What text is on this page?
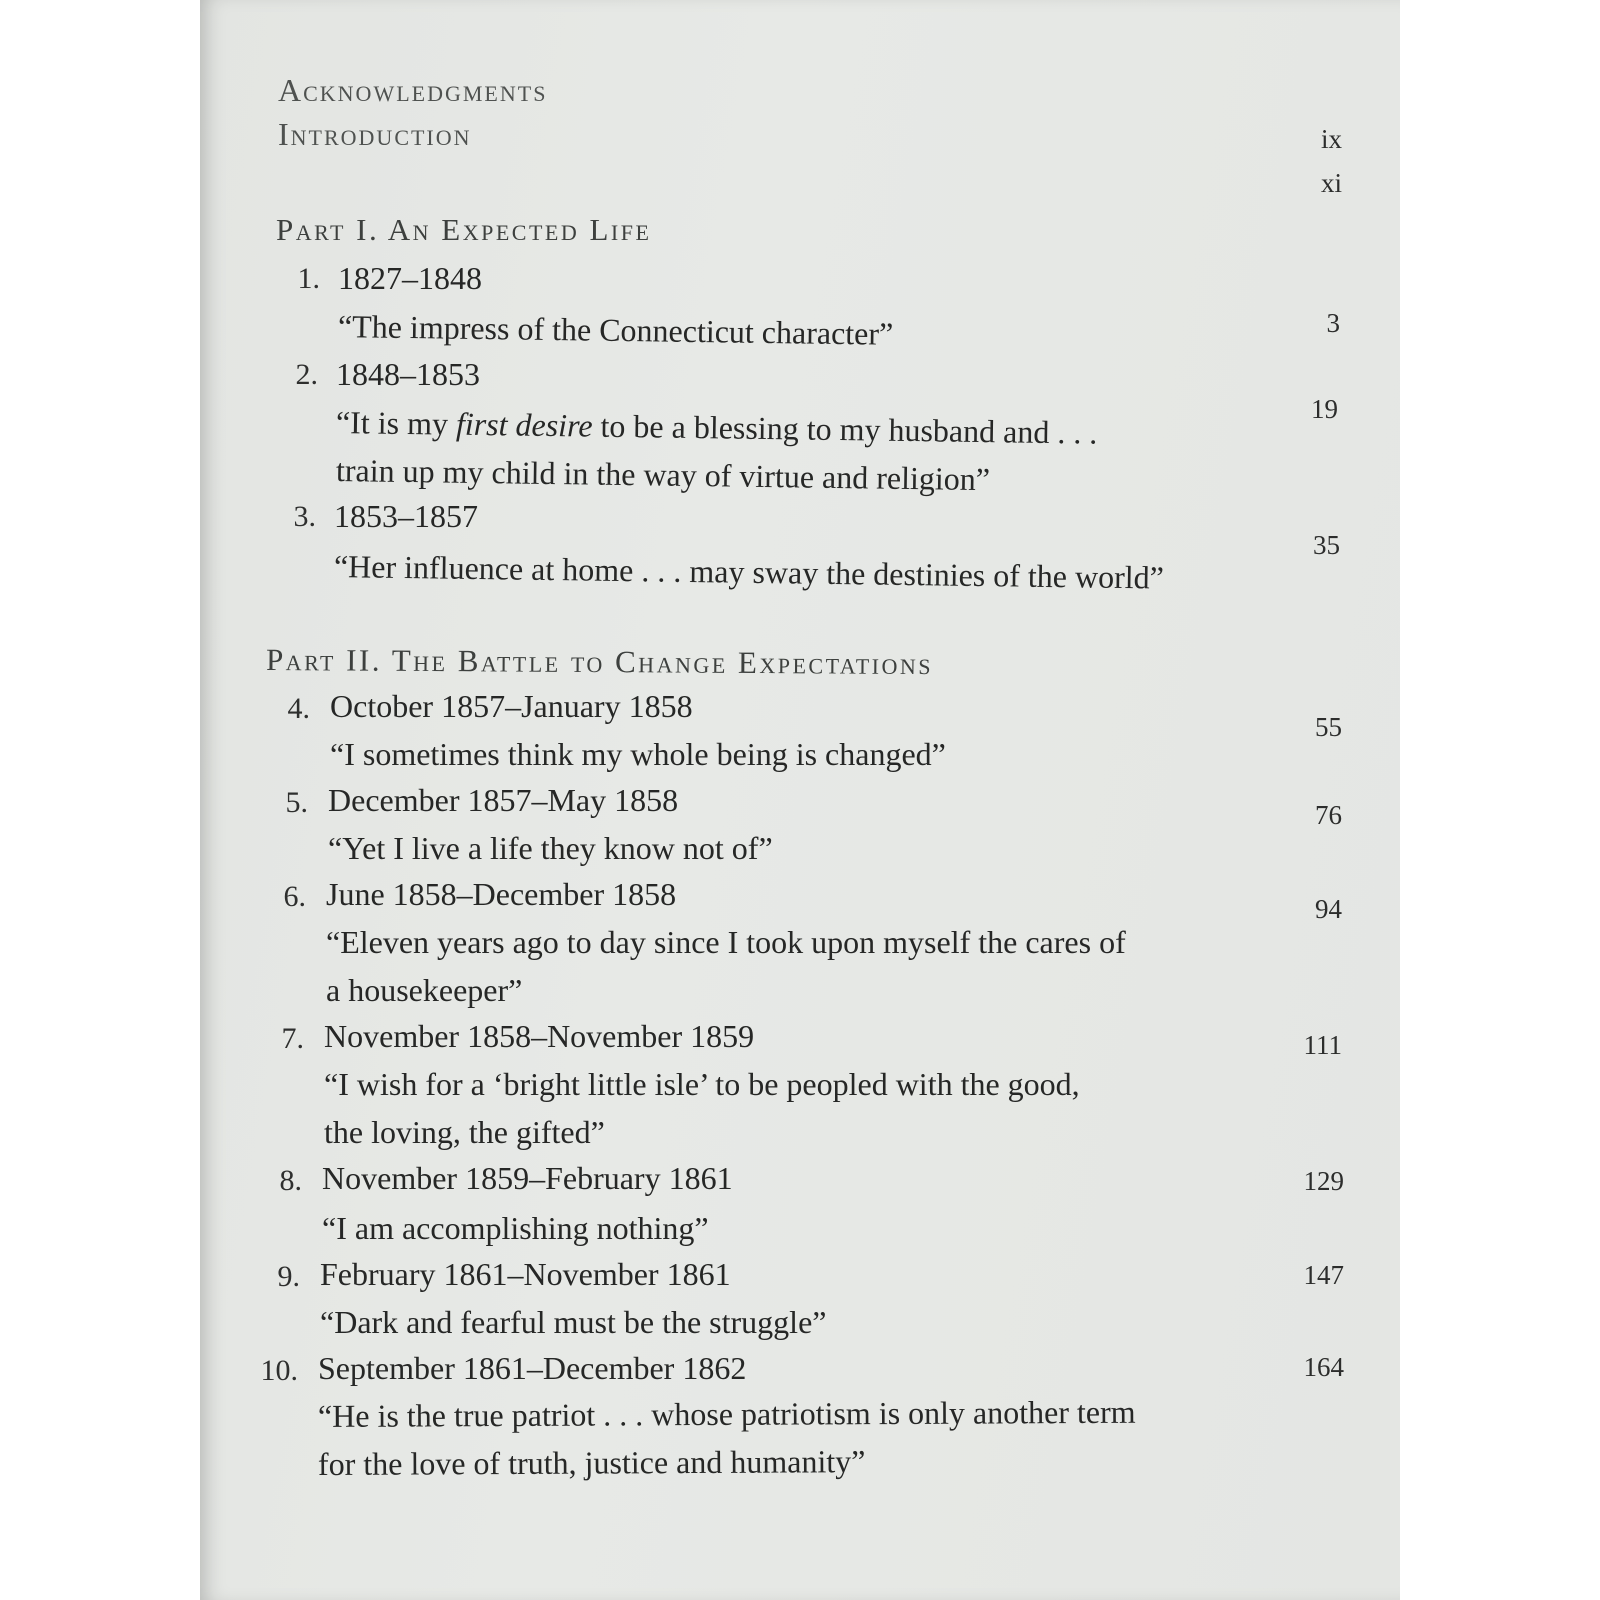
Acknowledgments
Introduction	ix
xi
Part I. An Expected Life
1. 1827–1848
“The impress of the Connecticut character”	3
2. 1848–1853
“It is my first desire to be a blessing to my husband and . . .
train up my child in the way of virtue and religion”
19
3. 1853–1857
“Her influence at home . . . may sway the destinies of the world”
35
Part II. The Battle to Change Expectations
4. October 1857–January 1858
“I sometimes think my whole being is changed”
55
5. December 1857–May 1858
“Yet I live a life they know not of”
76
6. June 1858–December 1858
“Eleven years ago to day since I took upon myself the cares of
a housekeeper”
94
7. November 1858–November 1859
“I wish for a ‘bright little isle’ to be peopled with the good,
the loving, the gifted”
111
8. November 1859–February 1861
“I am accomplishing nothing”
129
9. February 1861–November 1861
“Dark and fearful must be the struggle”
147
10. September 1861–December 1862
“He is the true patriot . . . whose patriotism is only another term
for the love of truth, justice and humanity”
164
